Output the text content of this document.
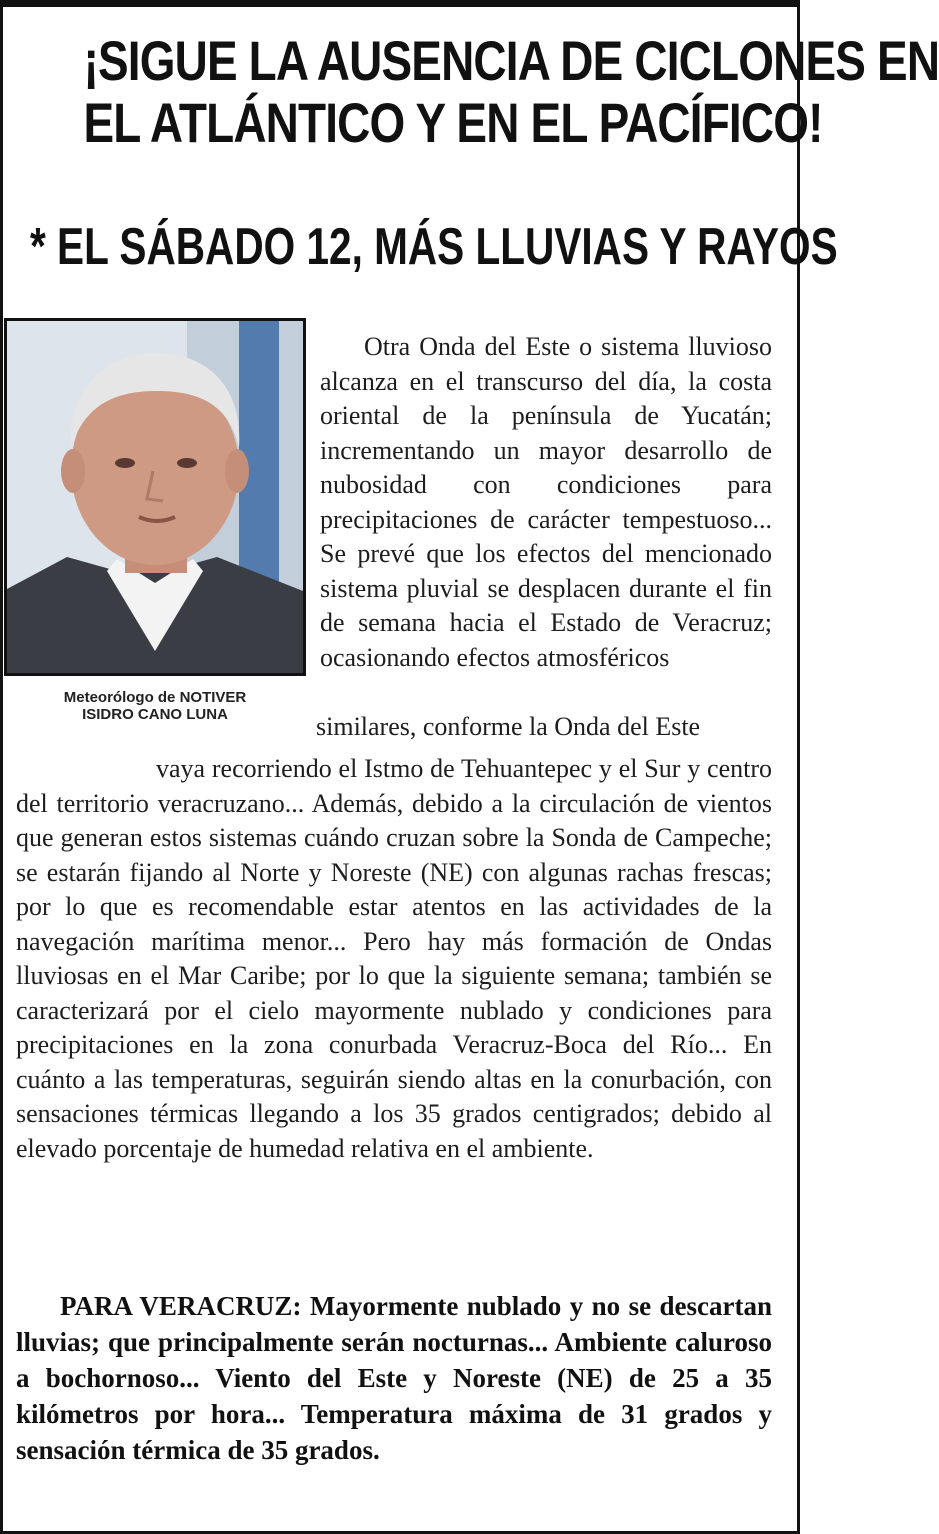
¡SIGUE LA AUSENCIA DE CICLONES EN
EL ATLÁNTICO Y EN EL PACÍFICO!
* EL SÁBADO 12, MÁS LLUVIAS Y RAYOS
Meteorólogo de NOTIVER
ISIDRO CANO LUNA

Otra Onda del Este o sistema lluvioso alcanza en el transcurso del día, la costa oriental de la península de Yucatán; incrementando un mayor desarrollo de nubosidad con condiciones para precipitaciones de carácter tempestuoso... Se prevé que los efectos del mencionado sistema pluvial se desplacen durante el fin de semana hacia el Estado de Veracruz; ocasionando efectos atmosféricos

similares, conforme la Onda del Este

vaya recorriendo el Istmo de Tehuantepec y el Sur y centro del territorio veracruzano... Además, debido a la circulación de vientos que generan estos sistemas cuándo cruzan sobre la Sonda de Campeche; se estarán fijando al Norte y Noreste (NE) con algunas rachas frescas; por lo que es recomendable estar atentos en las actividades de la navegación marítima menor... Pero hay más formación de Ondas lluviosas en el Mar Caribe; por lo que la siguiente semana; también se caracterizará por el cielo mayormente nublado y condiciones para precipitaciones en la zona conurbada Veracruz-Boca del Río... En cuánto a las temperaturas, seguirán siendo altas en la conurbación, con sensaciones térmicas llegando a los 35 grados centigrados; debido al elevado porcentaje de humedad relativa en el ambiente.

PARA VERACRUZ: Mayormente nublado y no se descartan lluvias; que principalmente serán nocturnas... Ambiente caluroso a bochornoso... Viento del Este y Noreste (NE) de 25 a 35 kilómetros por hora... Temperatura máxima de 31 grados y sensación térmica de 35 grados.
